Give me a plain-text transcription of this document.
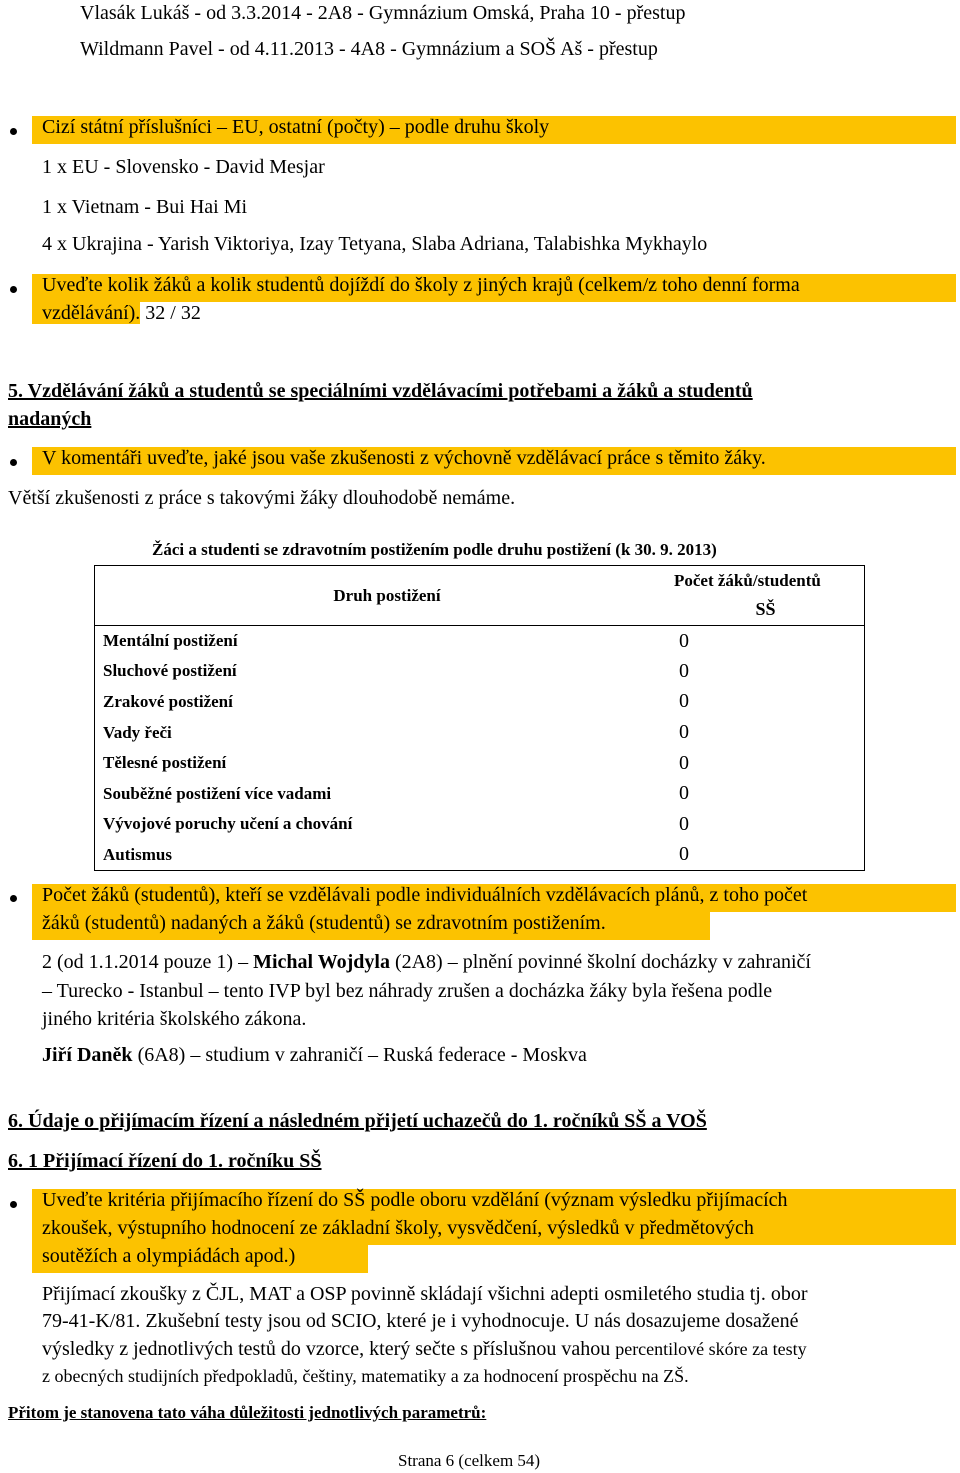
Vlasák Lukáš - od 3.3.2014 - 2A8 - Gymnázium Omská, Praha 10 - přestup
Wildmann Pavel - od 4.11.2013 - 4A8 - Gymnázium a SOŠ Aš - přestup
Cizí státní příslušníci – EU, ostatní (počty) – podle druhu školy
1 x EU - Slovensko - David Mesjar
1 x Vietnam - Bui Hai Mi
4 x Ukrajina - Yarish Viktoriya, Izay Tetyana, Slaba Adriana, Talabishka Mykhaylo
Uveďte kolik žáků a kolik studentů dojíždí do školy z jiných krajů (celkem/z toho denní forma
vzdělávání). 32 / 32
5. Vzdělávání žáků a studentů se speciálními vzdělávacími potřebami a žáků a studentů
nadaných
V komentáři uveďte, jaké jsou vaše zkušenosti z výchovně vzdělávací práce s těmito žáky.
Větší zkušenosti z práce s takovými žáky dlouhodobě nemáme.
Žáci a studenti se zdravotním postižením podle druhu postižení (k 30. 9. 2013)
Druh postižení	Počet žáků/studentů
SŠ

Mentální postižení	0
Sluchové postižení	0
Zrakové postižení	0
Vady řeči	0
Tělesné postižení	0
Souběžné postižení více vadami	0
Vývojové poruchy učení a chování	0
Autismus	0
Počet žáků (studentů), kteří se vzdělávali podle individuálních vzdělávacích plánů, z toho počet
žáků (studentů) nadaných a žáků (studentů) se zdravotním postižením.
2 (od 1.1.2014 pouze 1) – Michal Wojdyla (2A8) – plnění povinné školní docházky v zahraničí
– Turecko - Istanbul – tento IVP byl bez náhrady zrušen a docházka žáky byla řešena podle
jiného kritéria školského zákona.
Jiří Daněk (6A8) – studium v zahraničí – Ruská federace - Moskva
6. Údaje o přijímacím řízení a následném přijetí uchazečů do 1. ročníků SŠ a VOŠ
6. 1 Přijímací řízení do 1. ročníku SŠ
Uveďte kritéria přijímacího řízení do SŠ podle oboru vzdělání (význam výsledku přijímacích
zkoušek, výstupního hodnocení ze základní školy, vysvědčení, výsledků v předmětových
soutěžích a olympiádách apod.)
Přijímací zkoušky z ČJL, MAT a OSP povinně skládají všichni adepti osmiletého studia tj. obor
79-41-K/81. Zkušební testy jsou od SCIO, které je i vyhodnocuje. U nás dosazujeme dosažené
výsledky z jednotlivých testů do vzorce, který sečte s příslušnou vahou percentilové skóre za testy
z obecných studijních předpokladů, češtiny, matematiky a za hodnocení prospěchu na ZŠ.
Přitom je stanovena tato váha důležitosti jednotlivých parametrů:
Strana 6 (celkem 54)
